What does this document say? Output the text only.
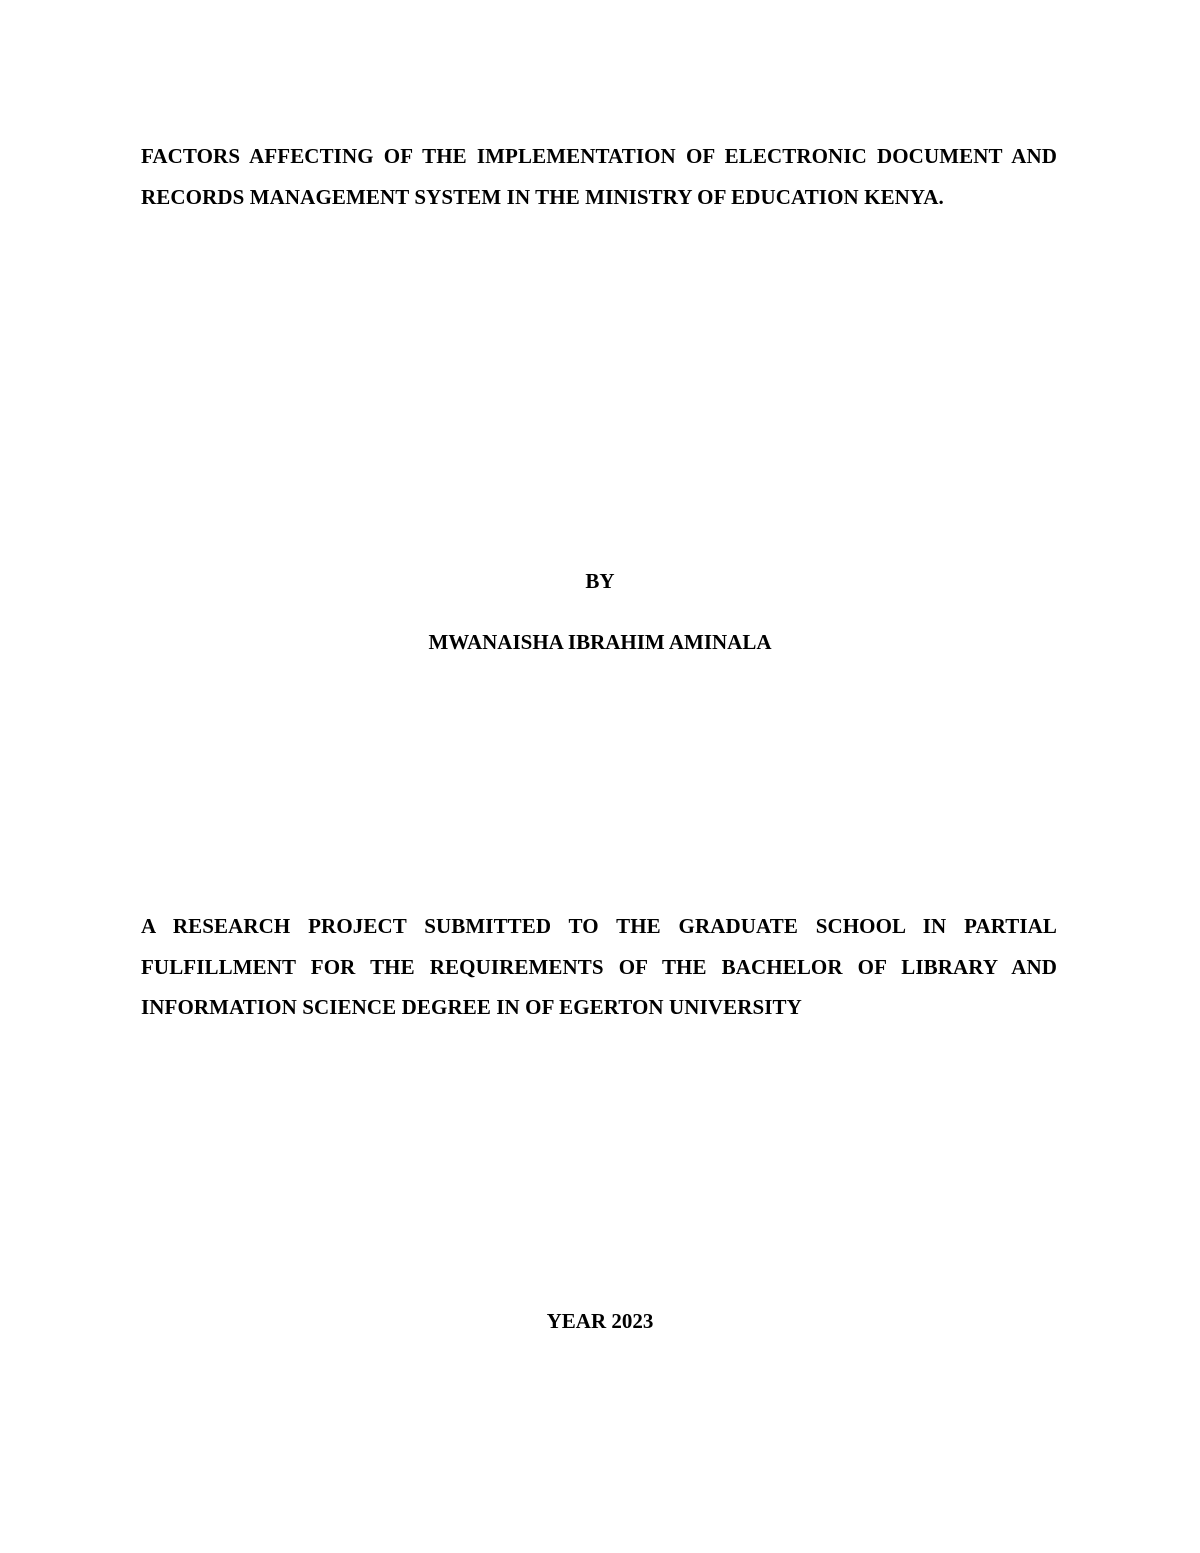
FACTORS AFFECTING OF THE IMPLEMENTATION OF ELECTRONIC DOCUMENT AND RECORDS MANAGEMENT SYSTEM IN THE MINISTRY OF EDUCATION KENYA.
BY
MWANAISHA IBRAHIM AMINALA
A RESEARCH PROJECT SUBMITTED TO THE GRADUATE SCHOOL IN PARTIAL FULFILLMENT FOR THE REQUIREMENTS OF THE BACHELOR OF LIBRARY AND INFORMATION SCIENCE DEGREE IN OF EGERTON UNIVERSITY
YEAR 2023
